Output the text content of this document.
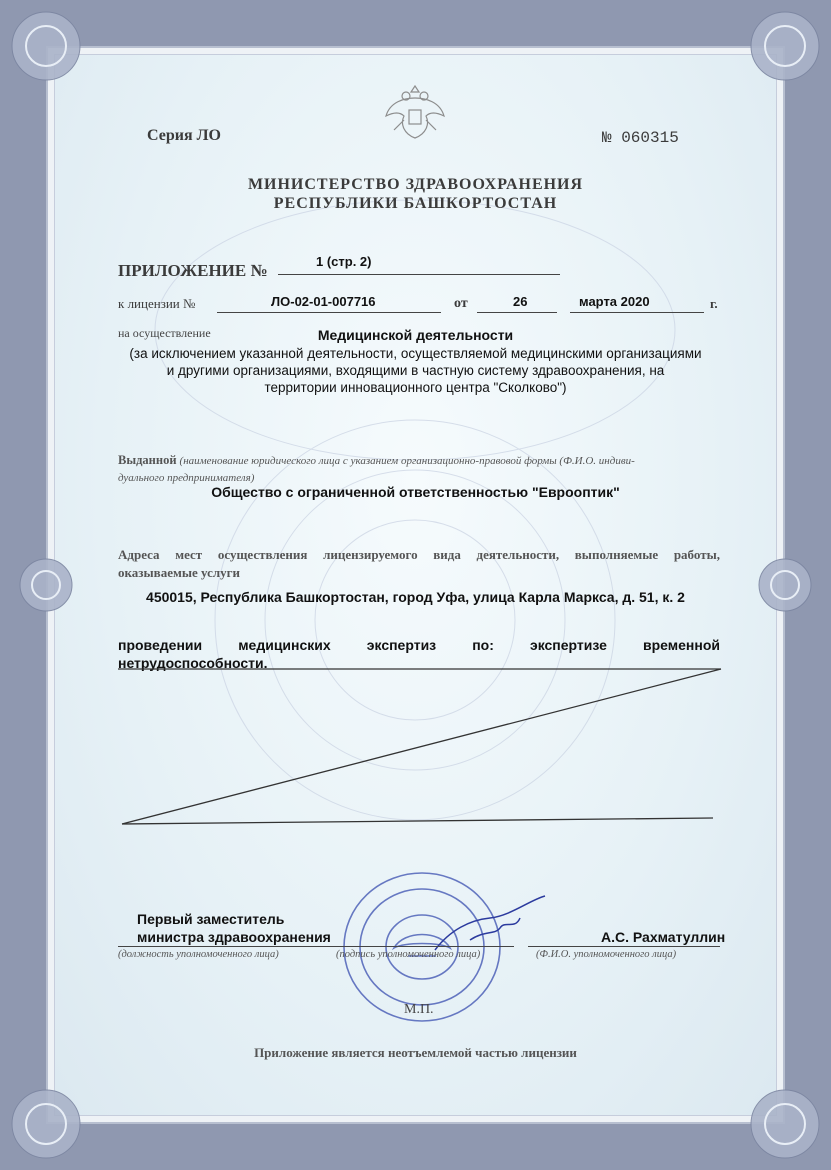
Серия ЛО	№ 060315
МИНИСТЕРСТВО ЗДРАВООХРАНЕНИЯ
РЕСПУБЛИКИ БАШКОРТОСТАН
ПРИЛОЖЕНИЕ №	1 (стр. 2)
к лицензии №	ЛО-02-01-007716	от	26	марта 2020	г.
на осуществление	Медицинской деятельности
(за исключением указанной деятельности, осуществляемой медицинскими организациями
и другими организациями, входящими в частную систему здравоохранения, на
территории инновационного центра "Сколково")
Выданной (наименование юридического лица с указанием организационно-правовой формы (Ф.И.О. индиви-
дуального предпринимателя)
Общество с ограниченной ответственностью "Еврооптик"
Адреса мест осуществления лицензируемого вида деятельности, выполняемые работы,
оказываемые услуги
450015, Республика Башкортостан, город Уфа, улица Карла Маркса, д. 51, к. 2
проведении медицинских экспертиз по: экспертизе временной
нетрудоспособности.
М.П.
Первый заместитель
министра здравоохранения	А.С. Рахматуллин
(должность уполномоченного лица)	(подпись уполномоченного лица)	(Ф.И.О. уполномоченного лица)
Приложение является неотъемлемой частью лицензии
